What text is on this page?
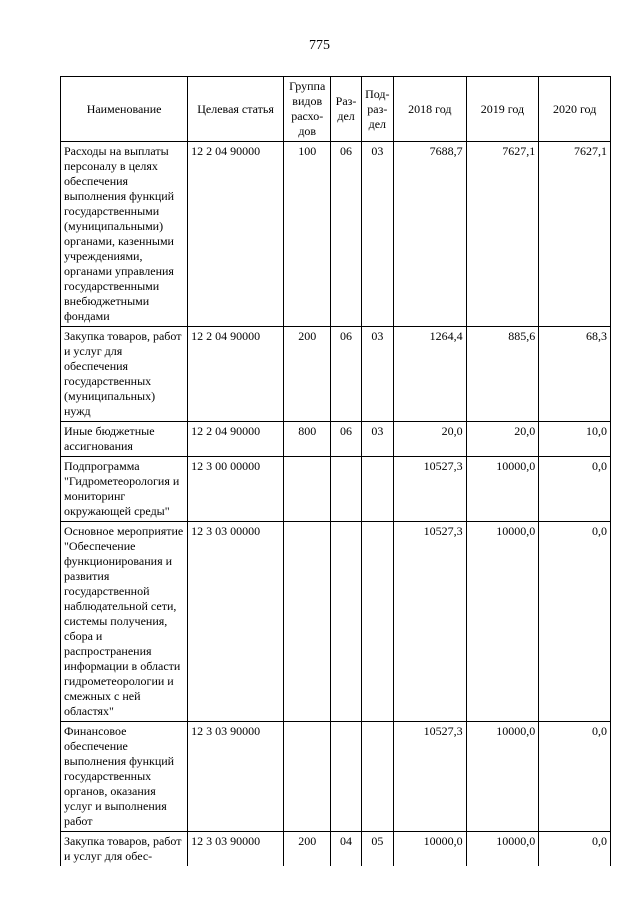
775
Наименование	Целевая статья	Группа видов расхо-дов	Раз-дел	Под-раз-дел	2018 год	2019 год	2020 год
Расходы на выплаты персоналу в целях обеспечения выполнения функций государственными (муниципальными) органами, казенными учреждениями, органами управления государственными внебюджетными фондами	12 2 04 90000	100	06	03	7688,7	7627,1	7627,1
Закупка товаров, работ и услуг для обеспечения государственных (муниципальных) нужд	12 2 04 90000	200	06	03	1264,4	885,6	68,3
Иные бюджетные ассигнования	12 2 04 90000	800	06	03	20,0	20,0	10,0
Подпрограмма "Гидрометеорология и мониторинг окружающей среды"	12 3 00 00000				10527,3	10000,0	0,0
Основное мероприятие "Обеспечение функционирования и развития государственной наблюдательной сети, системы получения, сбора и распространения информации в области гидрометеорологии и смежных с ней областях"	12 3 03 00000				10527,3	10000,0	0,0
Финансовое обеспечение выполнения функций государственных органов, оказания услуг и выполнения работ	12 3 03 90000				10527,3	10000,0	0,0
Закупка товаров, работ и услуг для обес-	12 3 03 90000	200	04	05	10000,0	10000,0	0,0
